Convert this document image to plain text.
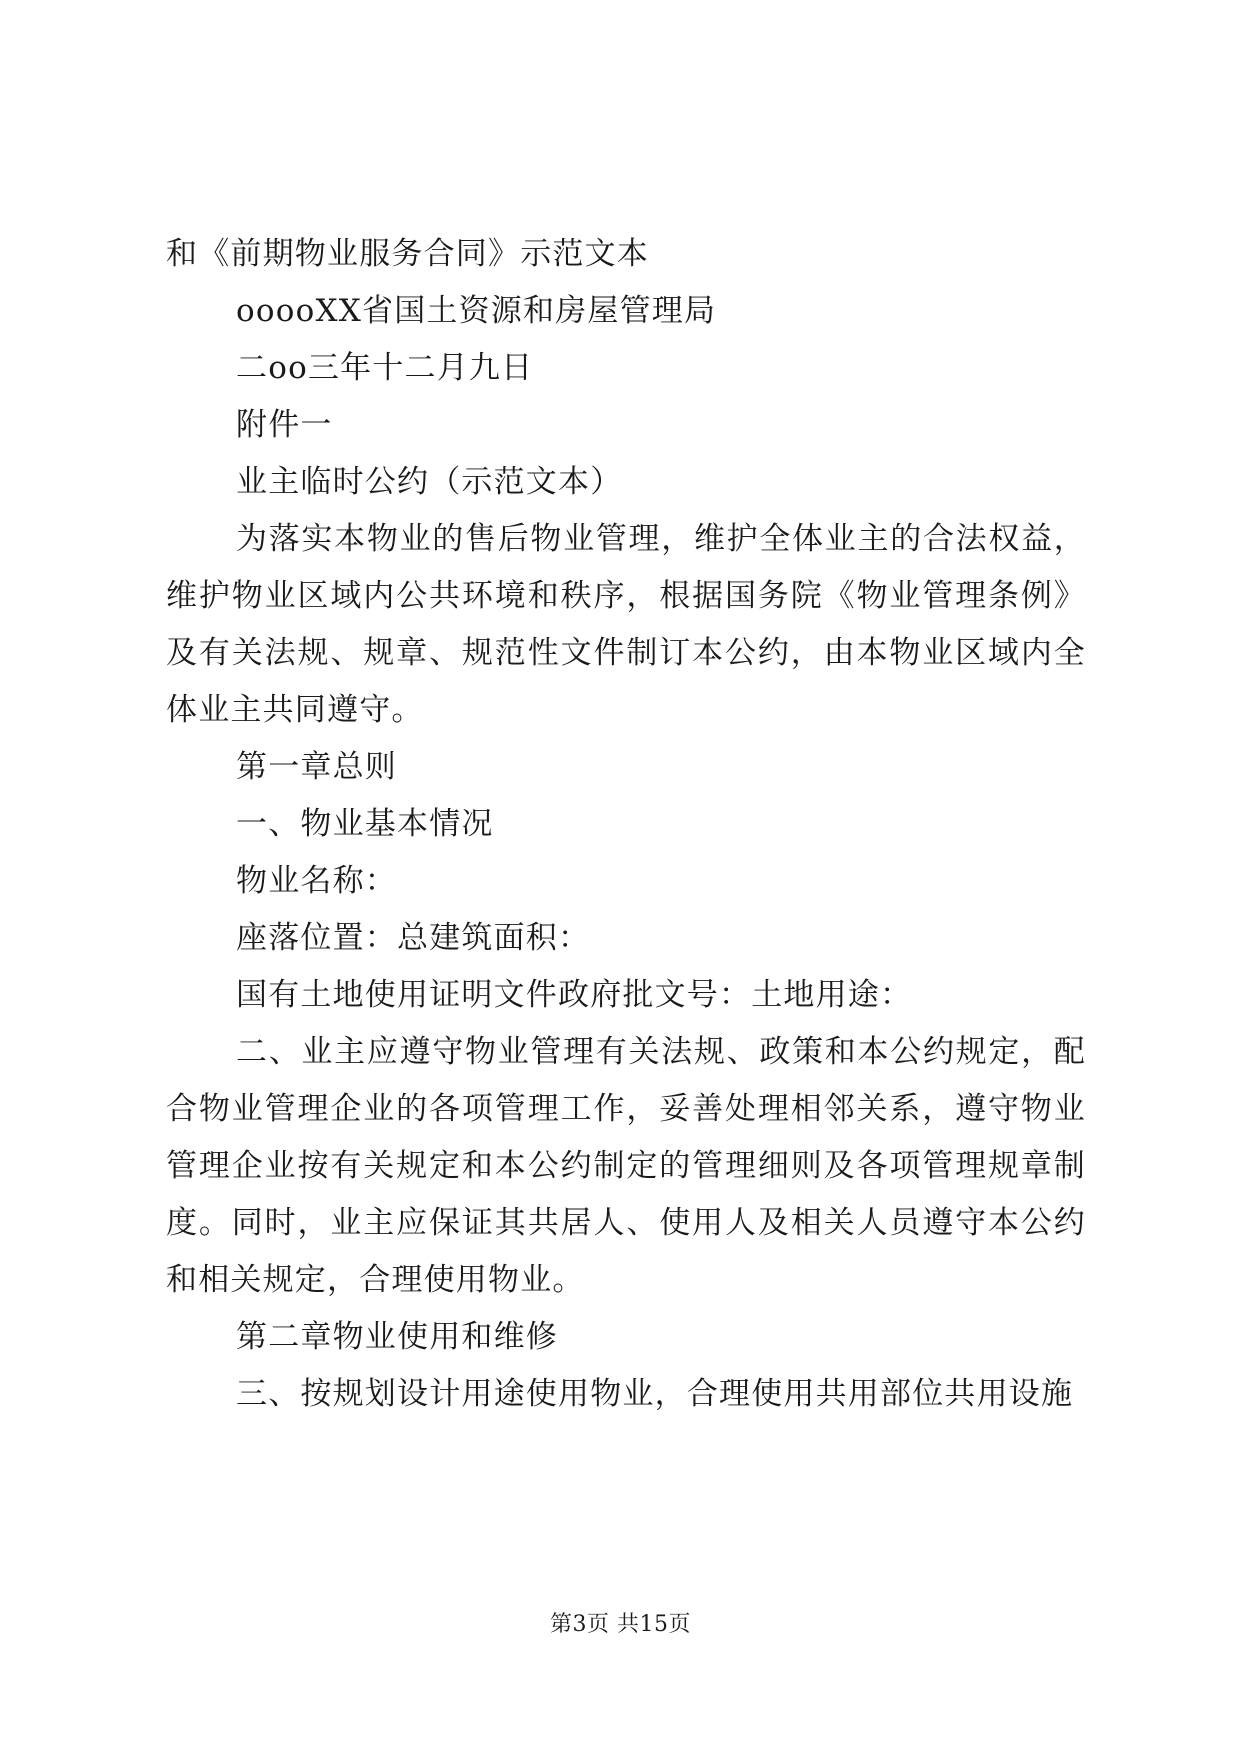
和《前期物业服务合同》示范文本

ooooXX省国土资源和房屋管理局

二oo三年十二月九日

附件一

业主临时公约（示范文本）

为落实本物业的售后物业管理，维护全体业主的合法权益，维护物业区域内公共环境和秩序，根据国务院《物业管理条例》及有关法规、规章、规范性文件制订本公约，由本物业区域内全体业主共同遵守。

第一章总则

一、物业基本情况

物业名称：

座落位置：总建筑面积：

国有土地使用证明文件政府批文号：土地用途：

二、业主应遵守物业管理有关法规、政策和本公约规定，配合物业管理企业的各项管理工作，妥善处理相邻关系，遵守物业管理企业按有关规定和本公约制定的管理细则及各项管理规章制度。同时，业主应保证其共居人、使用人及相关人员遵守本公约和相关规定，合理使用物业。

第二章物业使用和维修

三、按规划设计用途使用物业，合理使用共用部位共用设施

第3页 共15页
